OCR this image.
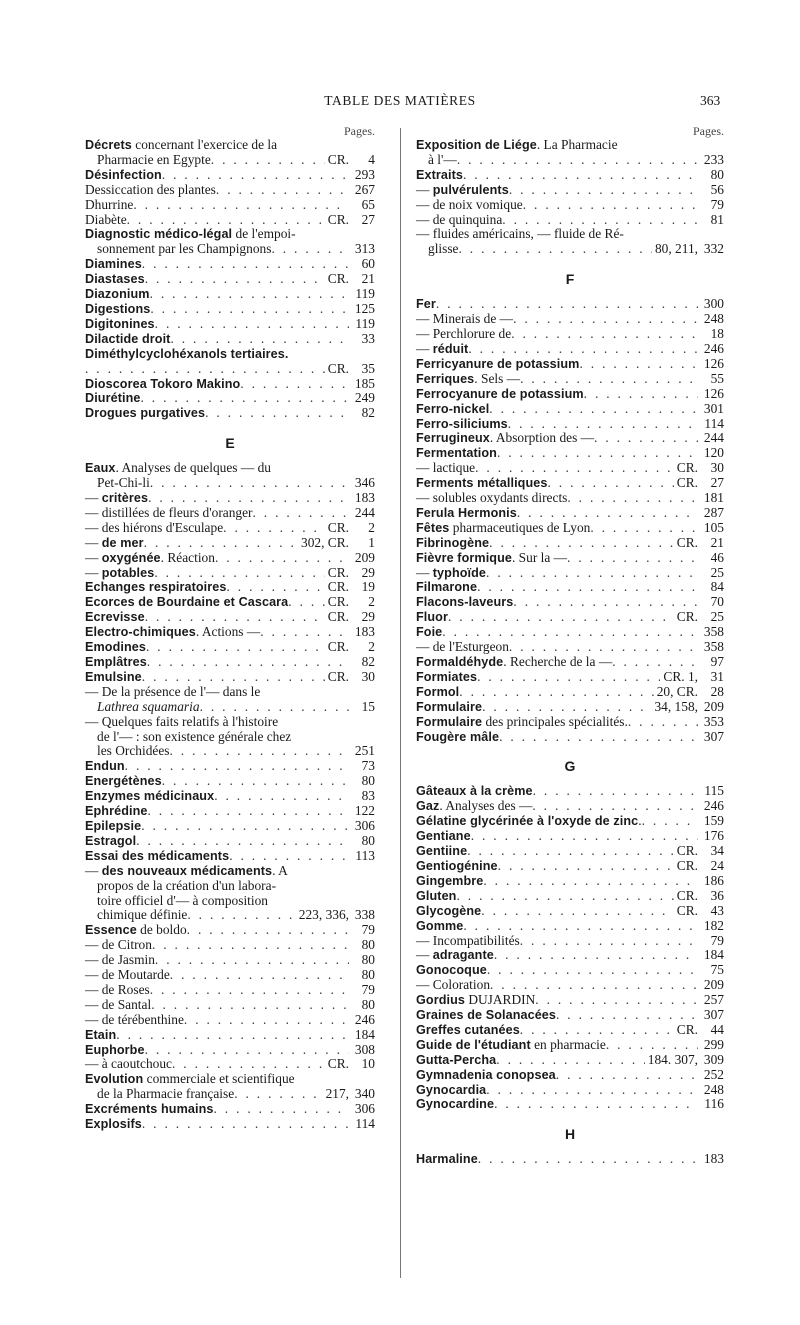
TABLE DES MATIÈRES	363
Pages.
Décrets concernant l'exercice de la
Pharmacie en Egypte . . .	CR.	4
Désinfection . . .	293
Dessiccation des plantes . . .	267
Dhurrine . . .	65
Diabète . . .	CR. 27
Diagnostic médico-légal de l'empoi-
sonnement par les Champignons . . .	313
Diamines . . .	60
Diastases . . .	CR. 21
Diazonium . . .	119
Digestions . . .	125
Digitonines . . .	119
Dilactide droit . . .	33
Diméthylcyclohéxanols tertiaires.
. . .
CR. 35
Dioscorea Tokoro Makino . . .	185
Diurétine . . .	249
Drogues purgatives . . .	82
E
Eaux. Analyses de quelques — du
Pet-Chi-li . . .	346
— critères . . .	183
— distillées de fleurs d'oranger . . .	244
— des hiérons d'Esculape . . .	CR.	2
— de mer . . .	302, CR.	1
— oxygénée. Réaction . . .	209
— potables . . .	CR. 29
Echanges respiratoires . . .	CR. 19
Ecorces de Bourdaine et Cascara . . .	CR.	2
Ecrevisse . . .	CR. 29
Electro-chimiques. Actions — . . .	183
Emodines . . .	CR.	2
Emplâtres . . .	82
Emulsine . . .	CR. 30
— De la présence de l'— dans le
Lathrea squamaria . . .	15
— Quelques faits relatifs à l'histoire
de l'— : son existence générale chez
les Orchidées . . .	251
Endun . . .	73
Energétènes . . .	80
Enzymes médicinaux . . .	83
Ephrédine . . .	122
Epilepsie . . .	306
Estragol . . .	80
Essai des médicaments . . .	113
— des nouveaux médicaments. A
propos de la création d'un labora-
toire officiel d'— à composition
chimique définie . . .	223, 336, 338
Essence de boldo . . .	79
— de Citron . . .	80
— de Jasmin . . .	80
— de Moutarde . . .	80
— de Roses . . .	79
— de Santal . . .	80
— de térébenthine . . .	246
Etain . . .	184
Euphorbe . . .	308
— à caoutchouc . . .	CR. 10
Evolution commerciale et scientifique
de la Pharmacie française . . .	217, 340
Excréments humains . . .	306
Explosifs . . .	114
Pages.
Exposition de Liége. La Pharmacie
à l'— . . .	233
Extraits . . .	80
— pulvérulents . . .	56
— de noix vomique . . .	79
— de quinquina . . .	81
— fluides américains, — fluide de Ré-
glisse . . .	80, 211, 332
F
Fer . . .	300
— Minerais de — . . .	248
— Perchlorure de . . .	18
— réduit . . .	246
Ferricyanure de potassium . . .	126
Ferriques. Sels — . . .	55
Ferrocyanure de potassium . . .	126
Ferro-nickel . . .	301
Ferro-siliciums . . .	114
Ferrugineux. Absorption des — . . .	244
Fermentation . . .	120
— lactique . . .	CR. 30
Ferments métalliques . . .	CR. 27
— solubles oxydants directs . . .	181
Ferula Hermonis . . .	287
Fêtes pharmaceutiques de Lyon . . .	105
Fibrinogène . . .	CR. 21
Fièvre formique. Sur la — . . .	46
— typhoïde . . .	25
Filmarone . . .	84
Flacons-laveurs . . .	70
Fluor . . .	CR. 25
Foie . . .	358
— de l'Esturgeon . . .	358
Formaldéhyde. Recherche de la — . . .	97
Formiates . . .	CR. 1, 31
Formol . . .	20, CR. 28
Formulaire . . .	34, 158, 209
Formulaire des principales spécialités. . . .	353
Fougère mâle . . .	307
G
Gâteaux à la crème . . .	115
Gaz. Analyses des — . . .	246
Gélatine glycérinée à l'oxyde de zinc. . . .	159
Gentiane . . .	176
Gentiine . . .	CR. 34
Gentiogénine . . .	CR. 24
Gingembre . . .	186
Gluten . . .	CR. 36
Glycogène . . .	CR. 43
Gomme . . .	182
— Incompatibilités . . .	79
— adragante . . .	184
Gonocoque . . .	75
— Coloration . . .	209
Gordius DUJARDIN . . .	257
Graines de Solanacées . . .	307
Greffes cutanées . . .	CR. 44
Guide de l'étudiant en pharmacie . . .	299
Gutta-Percha . . .	184. 307, 309
Gymnadenia conopsea . . .	252
Gynocardia . . .	248
Gynocardine . . .	116
H
Harmaline . . .	183
